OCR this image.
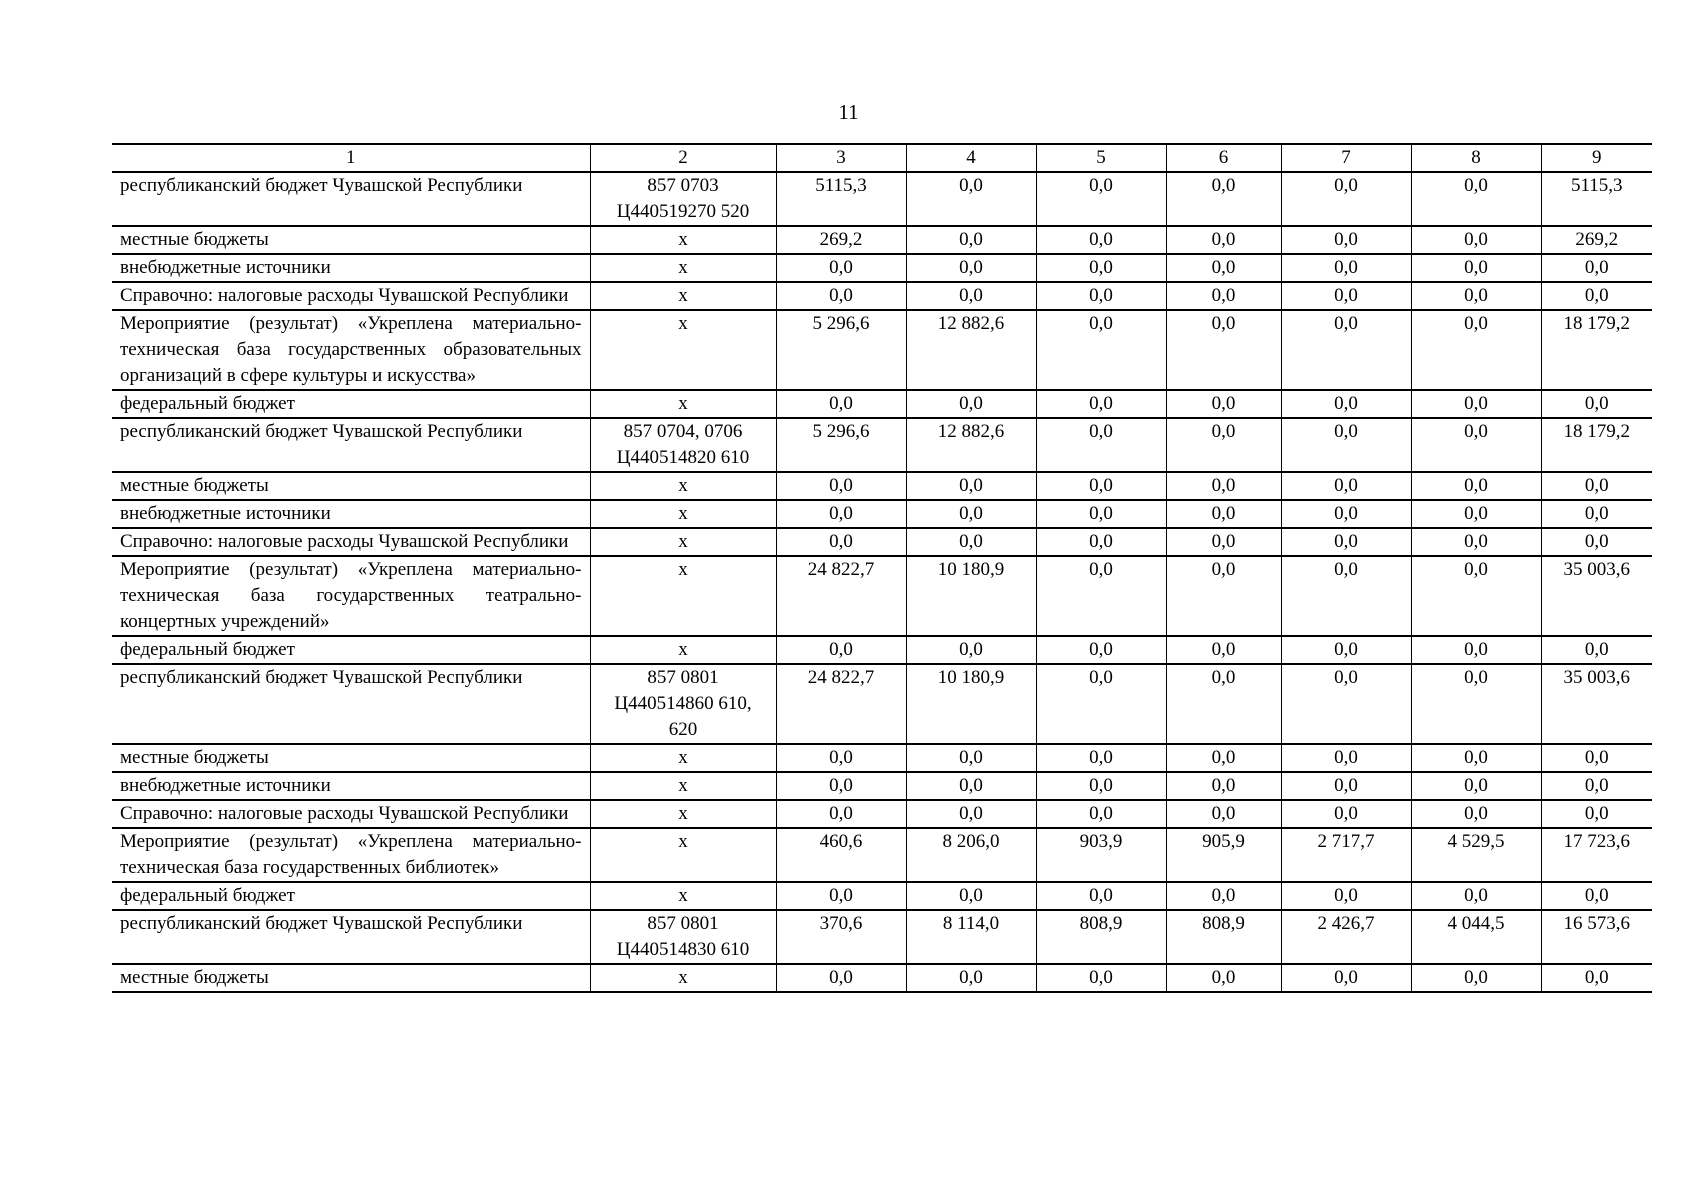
11
1	2	3	4	5	6	7	8	9
республиканский бюджет Чувашской Республики	857 0703 Ц440519270 520	5115,3	0,0	0,0	0,0	0,0	0,0	5115,3
местные бюджеты	х	269,2	0,0	0,0	0,0	0,0	0,0	269,2
внебюджетные источники	х	0,0	0,0	0,0	0,0	0,0	0,0	0,0
Справочно: налоговые расходы Чувашской Республики	х	0,0	0,0	0,0	0,0	0,0	0,0	0,0
Мероприятие (результат) «Укреплена материально-техническая база государственных образовательных организаций в сфере культуры и искусства»	х	5 296,6	12 882,6	0,0	0,0	0,0	0,0	18 179,2
федеральный бюджет	х	0,0	0,0	0,0	0,0	0,0	0,0	0,0
республиканский бюджет Чувашской Республики	857 0704, 0706 Ц440514820 610	5 296,6	12 882,6	0,0	0,0	0,0	0,0	18 179,2
местные бюджеты	х	0,0	0,0	0,0	0,0	0,0	0,0	0,0
внебюджетные источники	х	0,0	0,0	0,0	0,0	0,0	0,0	0,0
Справочно: налоговые расходы Чувашской Республики	х	0,0	0,0	0,0	0,0	0,0	0,0	0,0
Мероприятие (результат) «Укреплена материально-техническая база государственных театрально-концертных учреждений»	х	24 822,7	10 180,9	0,0	0,0	0,0	0,0	35 003,6
федеральный бюджет	х	0,0	0,0	0,0	0,0	0,0	0,0	0,0
республиканский бюджет Чувашской Республики	857 0801 Ц440514860 610, 620	24 822,7	10 180,9	0,0	0,0	0,0	0,0	35 003,6
местные бюджеты	х	0,0	0,0	0,0	0,0	0,0	0,0	0,0
внебюджетные источники	х	0,0	0,0	0,0	0,0	0,0	0,0	0,0
Справочно: налоговые расходы Чувашской Республики	х	0,0	0,0	0,0	0,0	0,0	0,0	0,0
Мероприятие (результат) «Укреплена материально-техническая база государственных библиотек»	х	460,6	8 206,0	903,9	905,9	2 717,7	4 529,5	17 723,6
федеральный бюджет	х	0,0	0,0	0,0	0,0	0,0	0,0	0,0
республиканский бюджет Чувашской Республики	857 0801 Ц440514830 610	370,6	8 114,0	808,9	808,9	2 426,7	4 044,5	16 573,6
местные бюджеты	х	0,0	0,0	0,0	0,0	0,0	0,0	0,0
